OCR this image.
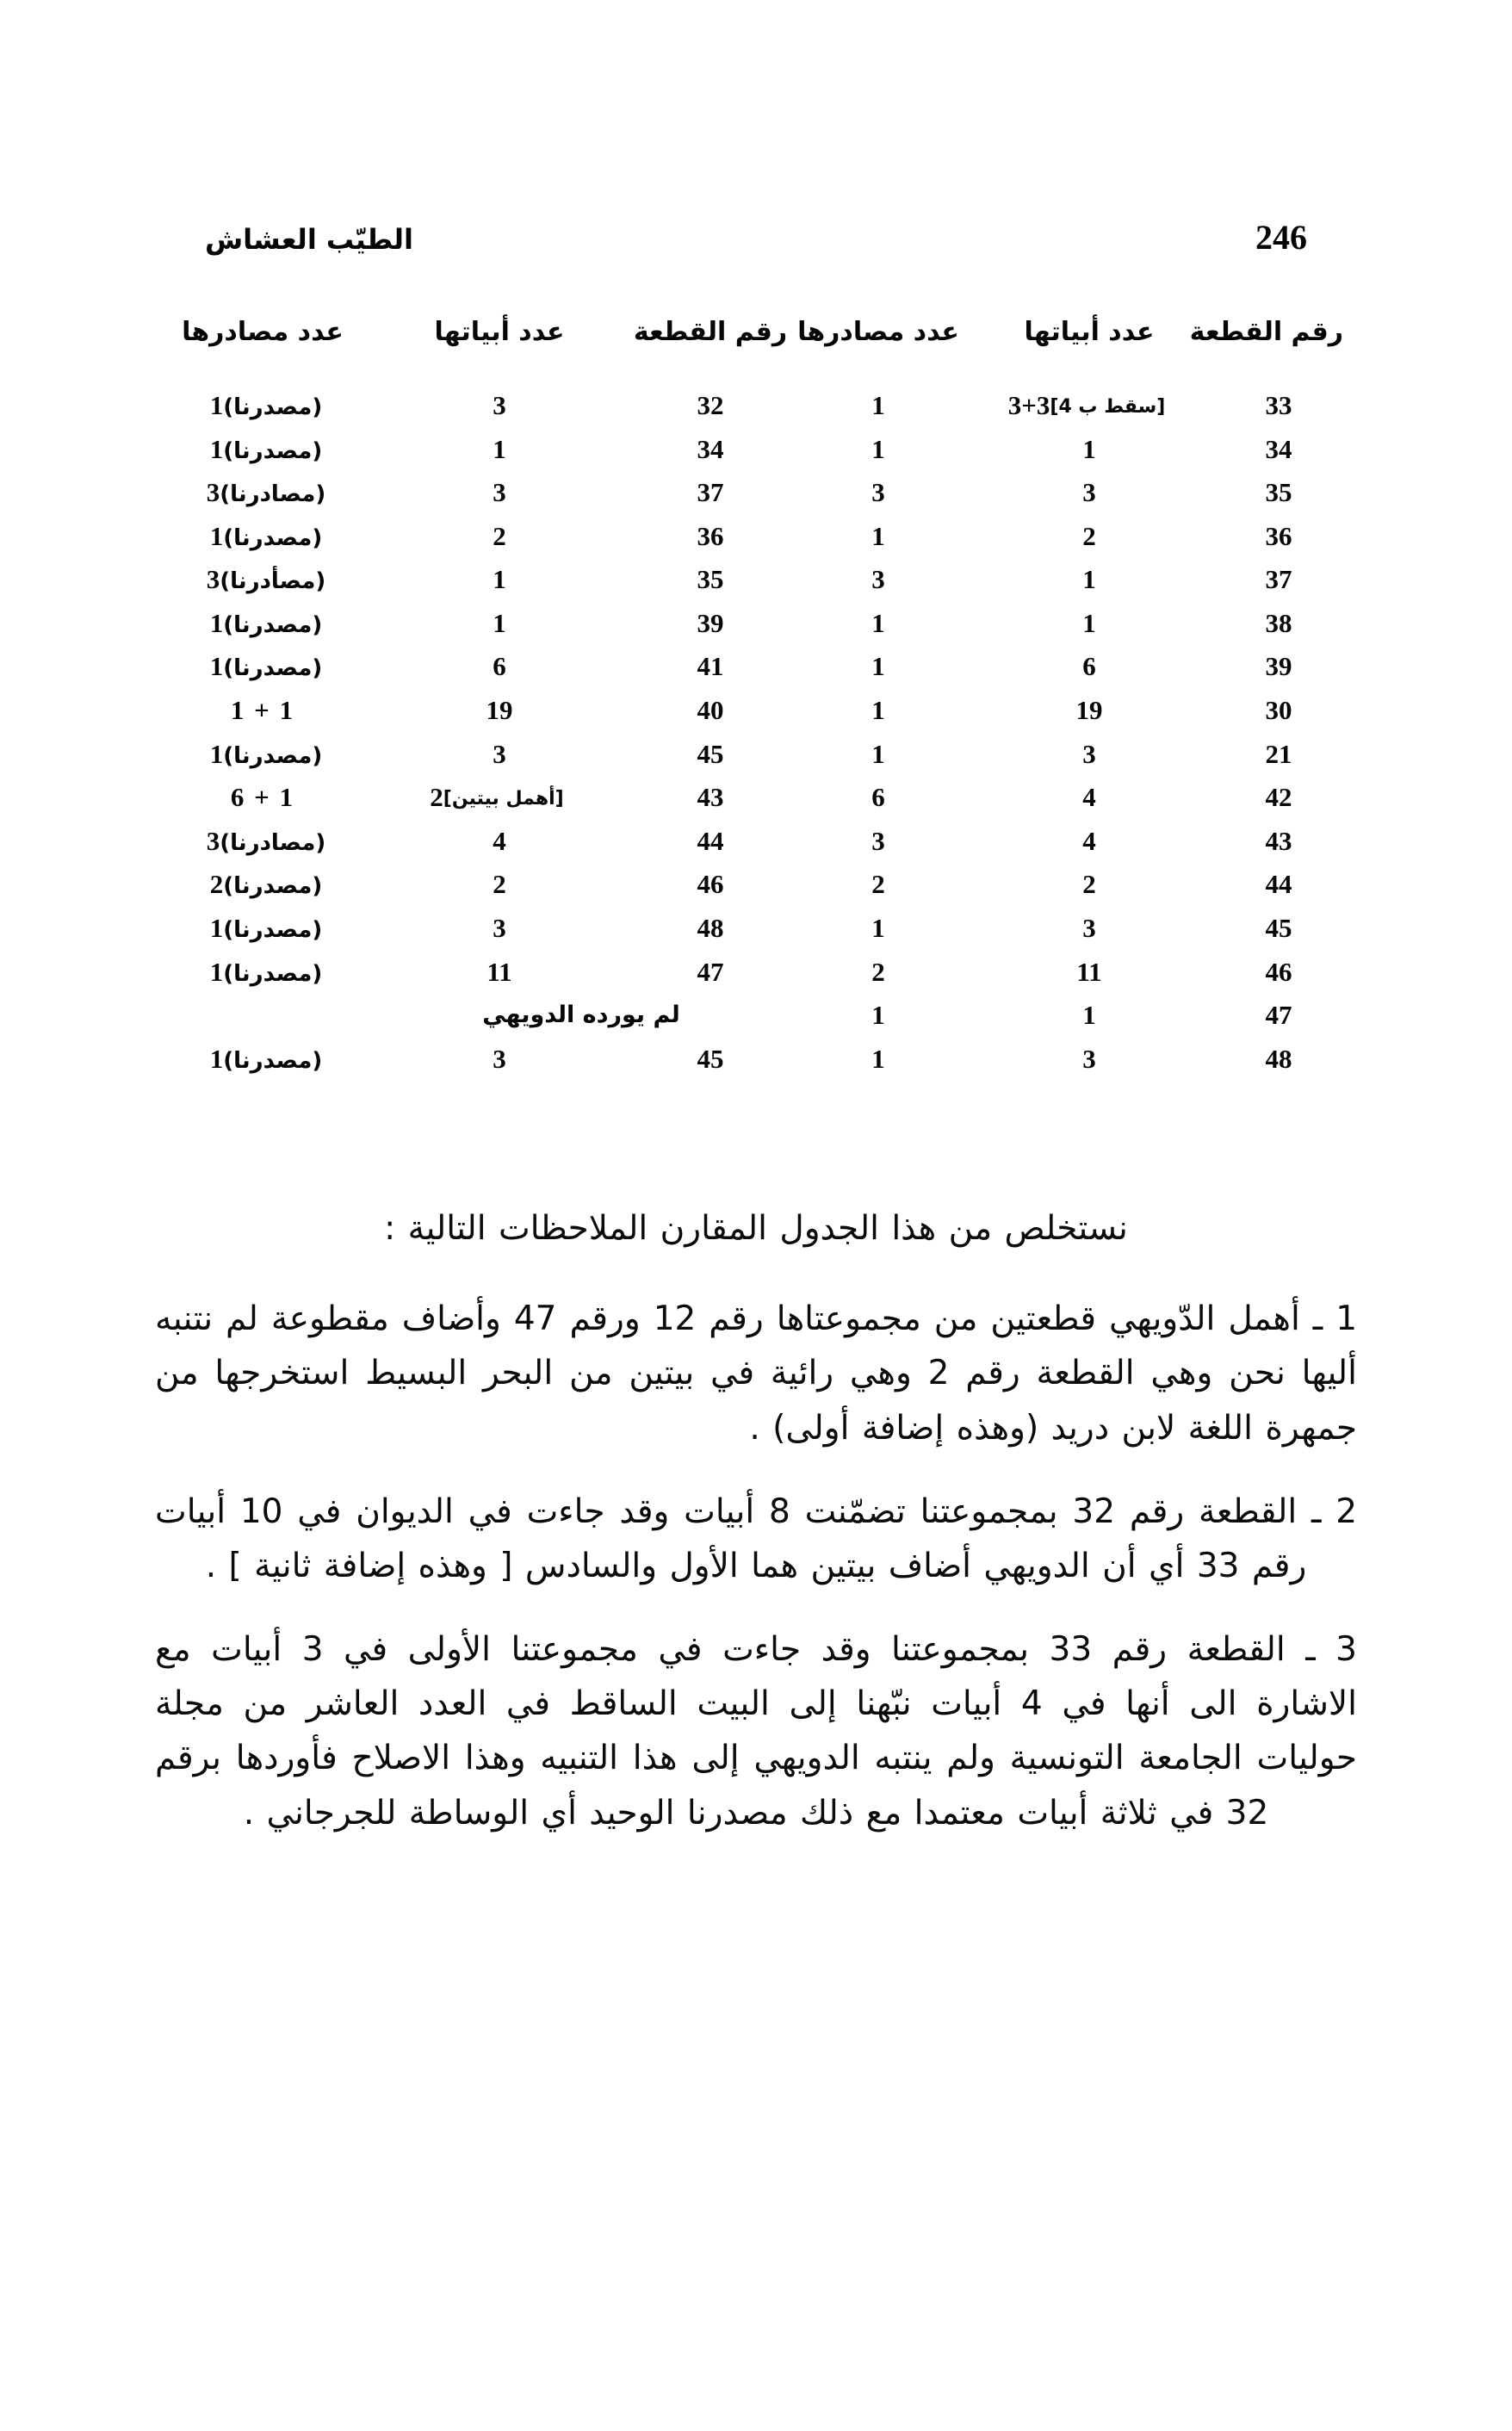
246
الطيّب العشاش
رقم القطعة	عدد أبياتها	عدد مصادرها	رقم القطعة	عدد أبياتها	عدد مصادرها
33	[سقط ب 4]3+3	1	32	3	(مصدرنا)1
34	1	1	34	1	(مصدرنا)1
35	3	3	37	3	(مصادرنا)3
36	2	1	36	2	(مصدرنا)1
37	1	3	35	1	(مصأدرنا)3
38	1	1	39	1	(مصدرنا)1
39	6	1	41	6	(مصدرنا)1
30	19	1	40	19	1 + 1
21	3	1	45	3	(مصدرنا)1
42	4	6	43	[أهمل بيتين]2	1 + 6
43	4	3	44	4	(مصادرنا)3
44	2	2	46	2	(مصدرنا)2
45	3	1	48	3	(مصدرنا)1
46	11	2	47	11	(مصدرنا)1
47	1	1	لم يورده الدويهي		
48	3	1	45	3	(مصدرنا)1

نستخلص من هذا الجدول المقارن الملاحظات التالية :

1 ـ أهمل الدّويهي قطعتين من مجموعتاها رقم 12 ورقم 47 وأضاف مقطوعة لم نتنبه أليها نحن وهي القطعة رقم 2 وهي رائية في بيتين من البحر البسيط استخرجها من جمهرة اللغة لابن دريد (وهذه إضافة أولى) .

2 ـ القطعة رقم 32 بمجموعتنا تضمّنت 8 أبيات وقد جاءت في الديوان في 10 أبيات رقم 33 أي أن الدويهي أضاف بيتين هما الأول والسادس [ وهذه إضافة ثانية ] .

3 ـ القطعة رقم 33 بمجموعتنا وقد جاءت في مجموعتنا الأولى في 3 أبيات مع الاشارة الى أنها في 4 أبيات نبّهنا إلى البيت الساقط في العدد العاشر من مجلة حوليات الجامعة التونسية ولم ينتبه الدويهي إلى هذا التنبيه وهذا الاصلاح فأوردها برقم 32 في ثلاثة أبيات معتمدا مع ذلك مصدرنا الوحيد أي الوساطة للجرجاني .
